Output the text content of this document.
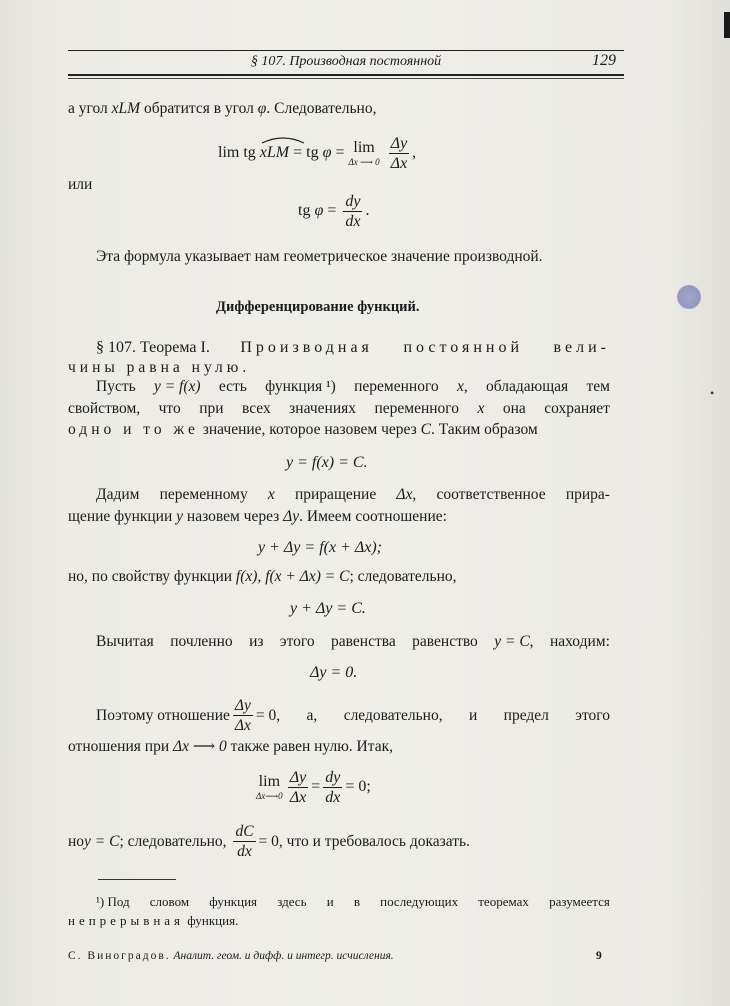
§ 107. Производная постоянной	129
а угол xLM обратится в угол φ. Следовательно,
lim tg
xLM = tg φ = lim
Δx ⟶ 0
$\frac{\Delta y}{\Delta x}$ ,
или
tg $\varphi = \frac{dy}{dx}$ .
Эта формула указывает нам геометрическое значение производной.
Дифференцирование функций.
•
§ 107. Теорема I. Производная постоянной вели-
чины равна нулю.
Пусть y = f(x) есть функция ¹) переменного x, обладающая тем
свойством, что при всех значениях переменного x она сохраняет
одно и то же значение, которое назовем через C. Таким образом
y = f(x) = C.
Дадим переменному x приращение Δx, соответственное прира-
щение функции y назовем через Δy. Имеем соотношение:
y + Δy = f(x + Δx);
но, по свойству функции f(x), f(x + Δx) = C; следовательно,
y + Δy = C.
Вычитая почленно из этого равенства равенство y = C, находим:
Δy = 0.
Поэтому отношение $\frac{\Delta y}{\Delta x} = 0$, а, следовательно, и предел этого
отношения при Δx ⟶ 0 также равен нулю. Итак,
lim
Δx⟶0 $\frac{\Delta y}{\Delta x} = \frac{dy}{dx} = 0$;
но y = C ; следовательно,
$\frac{dC}{dx} = 0$, что и требовалось доказать.
¹) Под словом функция здесь и в последующих теоремах разумеется
непрерывная функция.
С. Виноградов. Аналит. геом. и дифф. и интегр. исчисления.	9
